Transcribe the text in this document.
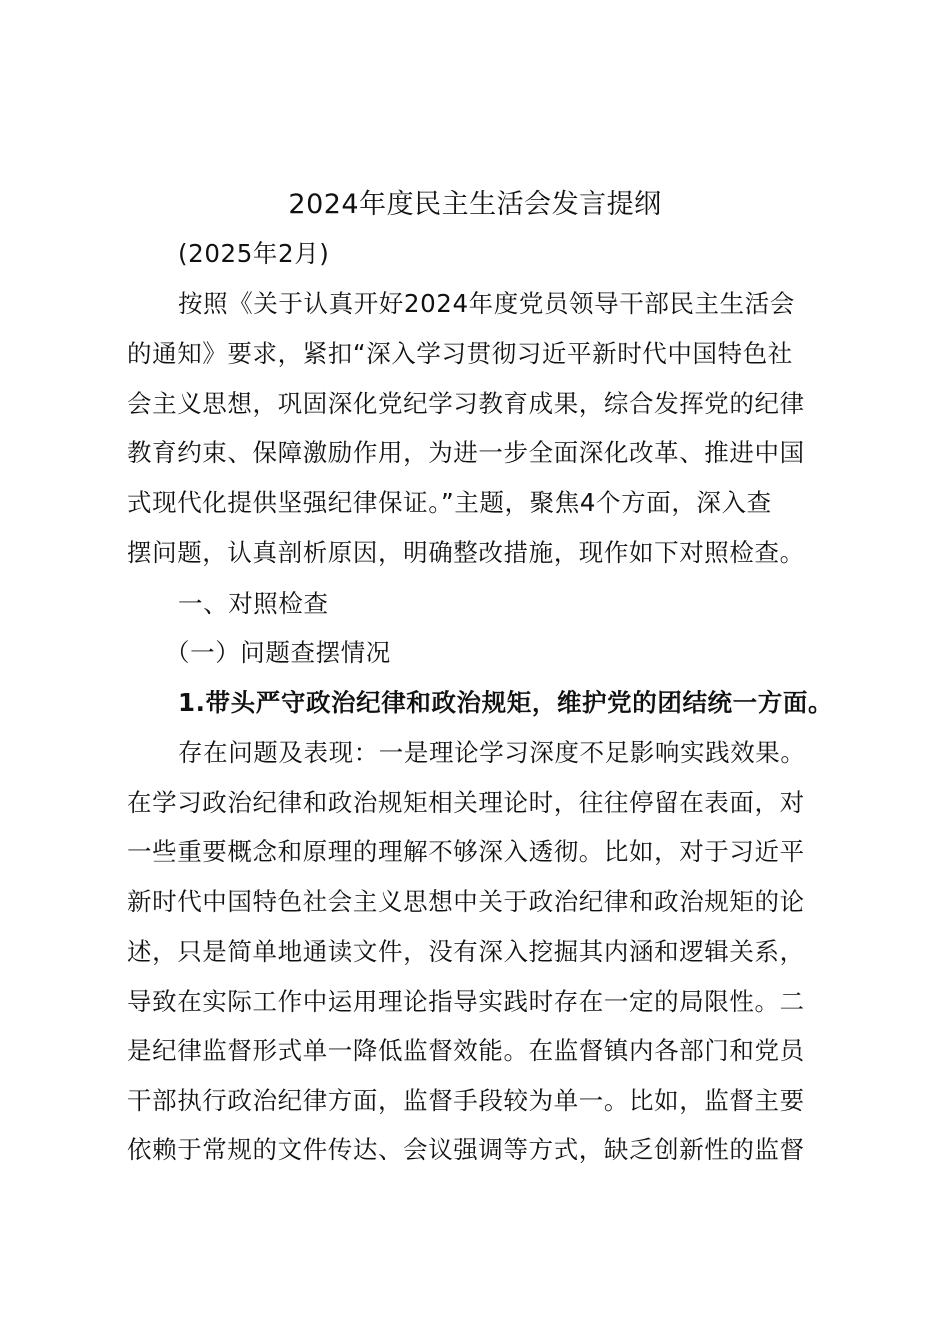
2024年度民主生活会发言提纲
(2025年2月)
按照《关于认真开好2024年度党员领导干部民主生活会
的通知》要求，紧扣“深入学习贯彻习近平新时代中国特色社
会主义思想，巩固深化党纪学习教育成果，综合发挥党的纪律
教育约束、保障激励作用，为进一步全面深化改革、推进中国
式现代化提供坚强纪律保证。”主题，聚焦4个方面，深入查
摆问题，认真剖析原因，明确整改措施，现作如下对照检查。
一、对照检查
（一）问题查摆情况
1.带头严守政治纪律和政治规矩，维护党的团结统一方面。
存在问题及表现：一是理论学习深度不足影响实践效果。
在学习政治纪律和政治规矩相关理论时，往往停留在表面，对
一些重要概念和原理的理解不够深入透彻。比如，对于习近平
新时代中国特色社会主义思想中关于政治纪律和政治规矩的论
述，只是简单地通读文件，没有深入挖掘其内涵和逻辑关系，
导致在实际工作中运用理论指导实践时存在一定的局限性。二
是纪律监督形式单一降低监督效能。在监督镇内各部门和党员
干部执行政治纪律方面，监督手段较为单一。比如，监督主要
依赖于常规的文件传达、会议强调等方式，缺乏创新性的监督
